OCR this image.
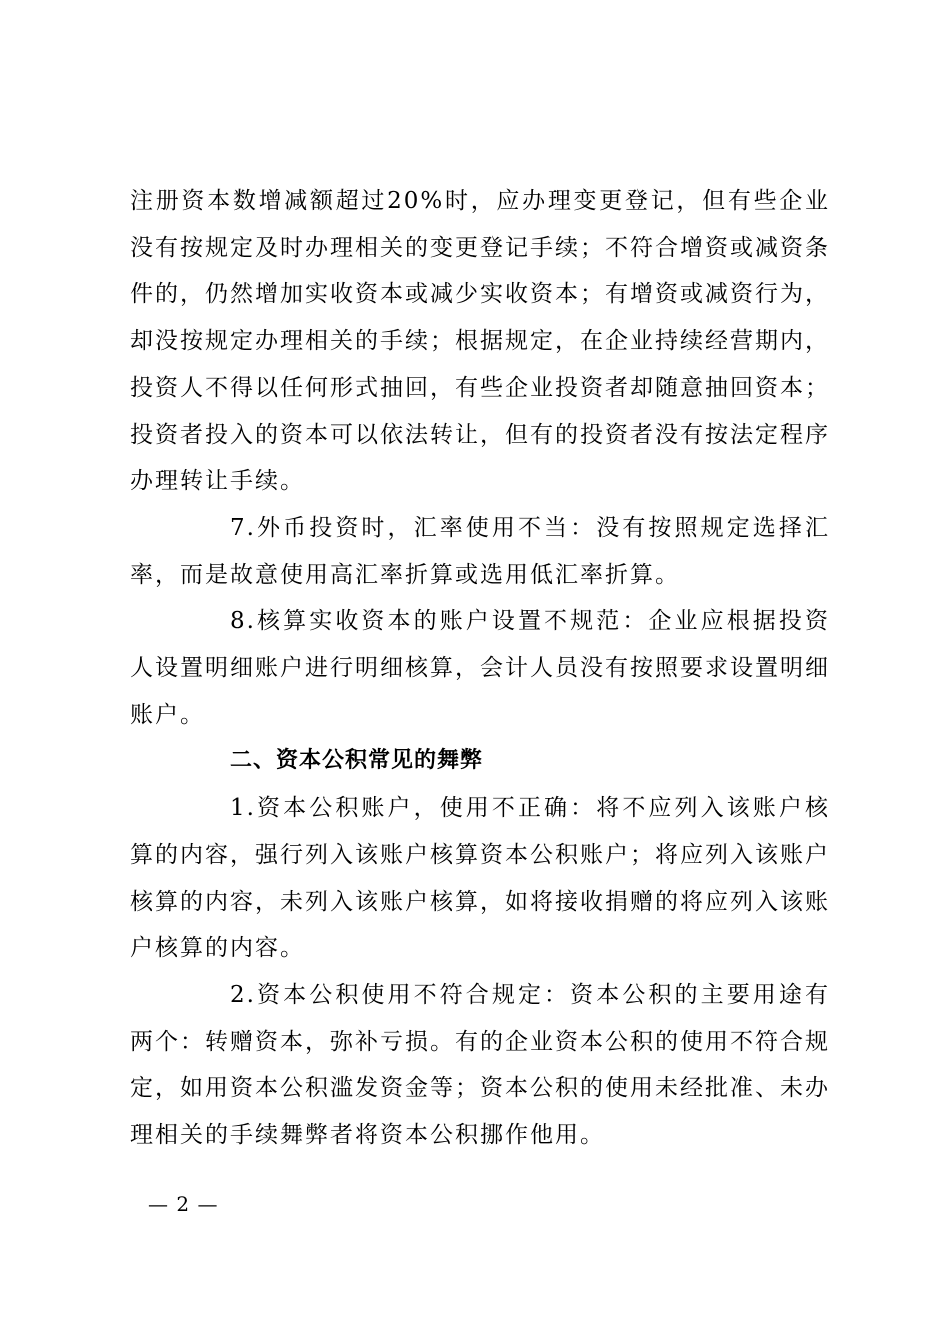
注册资本数增减额超过20%时，应办理变更登记，但有些企业没有按规定及时办理相关的变更登记手续；不符合增资或减资条件的，仍然增加实收资本或减少实收资本；有增资或减资行为，却没按规定办理相关的手续；根据规定，在企业持续经营期内，投资人不得以任何形式抽回，有些企业投资者却随意抽回资本；投资者投入的资本可以依法转让，但有的投资者没有按法定程序办理转让手续。

7.外币投资时，汇率使用不当：没有按照规定选择汇率，而是故意使用高汇率折算或选用低汇率折算。

8.核算实收资本的账户设置不规范：企业应根据投资人设置明细账户进行明细核算，会计人员没有按照要求设置明细账户。

二、资本公积常见的舞弊

1.资本公积账户，使用不正确：将不应列入该账户核算的内容，强行列入该账户核算资本公积账户；将应列入该账户核算的内容，未列入该账户核算，如将接收捐赠的将应列入该账户核算的内容。

2.资本公积使用不符合规定：资本公积的主要用途有两个：转赠资本，弥补亏损。有的企业资本公积的使用不符合规定，如用资本公积滥发资金等；资本公积的使用未经批准、未办理相关的手续舞弊者将资本公积挪作他用。

— 2 —
